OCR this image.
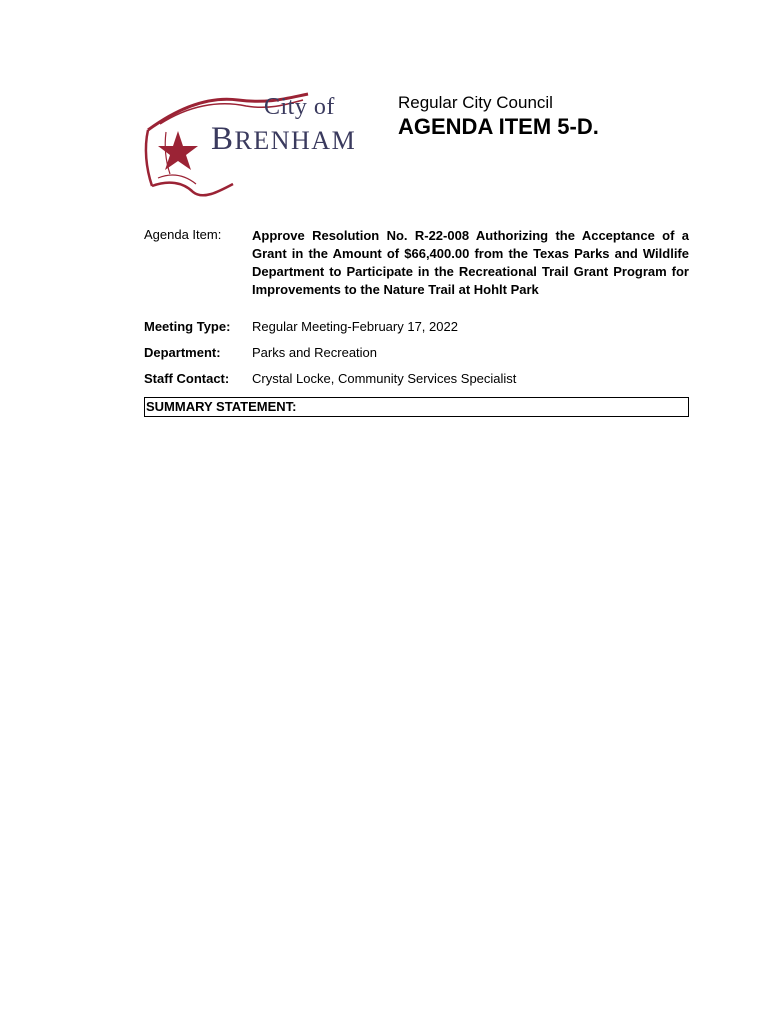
City of
BRENHAM
Regular City Council
AGENDA ITEM 5-D.
Agenda Item: Approve Resolution No. R-22-008 Authorizing the Acceptance of a Grant in the Amount of $66,400.00 from the Texas Parks and Wildlife Department to Participate in the Recreational Trail Grant Program for Improvements to the Nature Trail at Hohlt Park
Meeting Type: Regular Meeting-February 17, 2022
Department: Parks and Recreation
Staff Contact: Crystal Locke, Community Services Specialist
SUMMARY STATEMENT:
